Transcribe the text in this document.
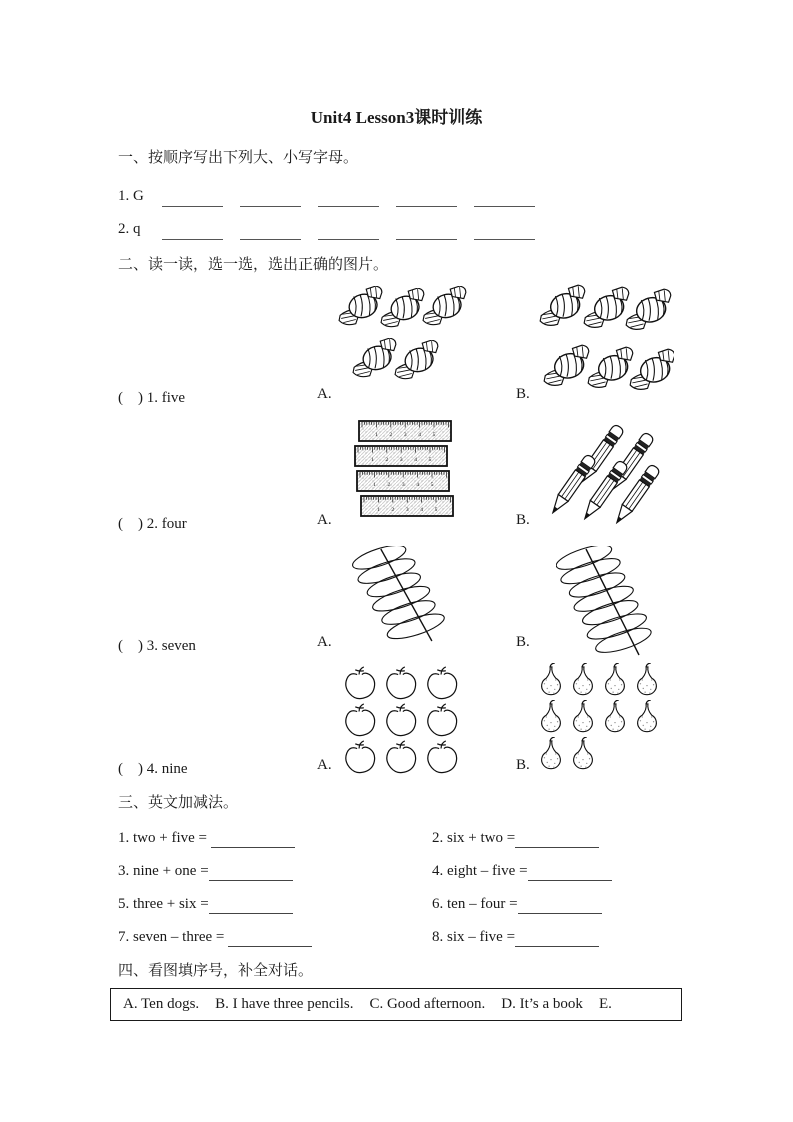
Unit4 Lesson3课时训练
一、按顺序写出下列大、小写字母。
1. G
2. q
二、读一读，选一选，选出正确的图片。
(　) 1. five	A.	B.
1 2 3 4 5
1 2 3 4 5
1 2 3 4 5
1 2 3 4 5
(　) 2. four	A.	B.
(　) 3. seven	A.	B.
(　) 4. nine	A.	B.
三、英文加减法。
1. two + five =	2. six + two =
3. nine + one =	4. eight – five =
5. three + six =	6. ten – four =
7. seven – three =	8. six – five =
四、看图填序号，补全对话。
A. Ten dogs. B. I have three pencils. C. Good afternoon. D. It’s a book E.
